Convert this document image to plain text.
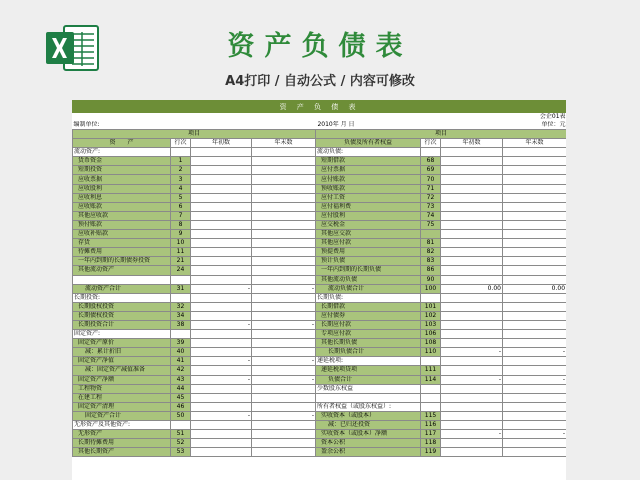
资产负债表
A4打印 / 自动公式 / 内容可修改
资 产 负 债 表							
会企01表							
编制单位:			2010年 月 日		单位：元		
项目				项目			
资　　产	行次	年初数	年末数	负债及所有者权益	行次	年初数	年末数
流动资产:				流动负债:			
货币资金	1			短期借款	68		
短期投资	2			应付票据	69		
应收票据	3			应付账款	70		
应收股利	4			预收账款	71		
应收利息	5			应付工资	72		
应收账款	6			应付福利费	73		
其他应收款	7			应付股利	74		
预付账款	8			应交税金	75		
应收补贴款	9			其他应交款			
存货	10			其他应付款	81		
待摊费用	11			预提费用	82		
一年内到期的长期债券投资	21			预计负债	83		
其他流动资产	24			一年内到期的长期负债	86		
				其他流动负债	90		
流动资产合计	31	-	-	流动负债合计	100	0.00	0.00
长期投资:				长期负债:			
长期股权投资	32			长期借款	101		
长期债权投资	34			应付债券	102		
长期投资合计	38	-	-	长期应付款	103		
固定资产:				专项应付款	106		
固定资产原价	39			其他长期负债	108		
减：累计折旧	40			长期负债合计	110	-	-
固定资产净值	41	-	-	递延税项:			
减：固定资产减值准备	42			递延税项贷项	111		
固定资产净额	43	-	-	负债合计	114	-	-
工程物资	44			少数股东权益			
在建工程	45						
固定资产清理	46			所有者权益（或股东权益）:			
固定资产合计	50	-	-	实收资本（或股本）	115		
无形资产及其他资产:				减：已归还投资	116		
无形资产	51			实收资本（或股本）净额	117	-	-
长期待摊费用	52			资本公积	118		
其他长期资产	53			盈余公积	119		
